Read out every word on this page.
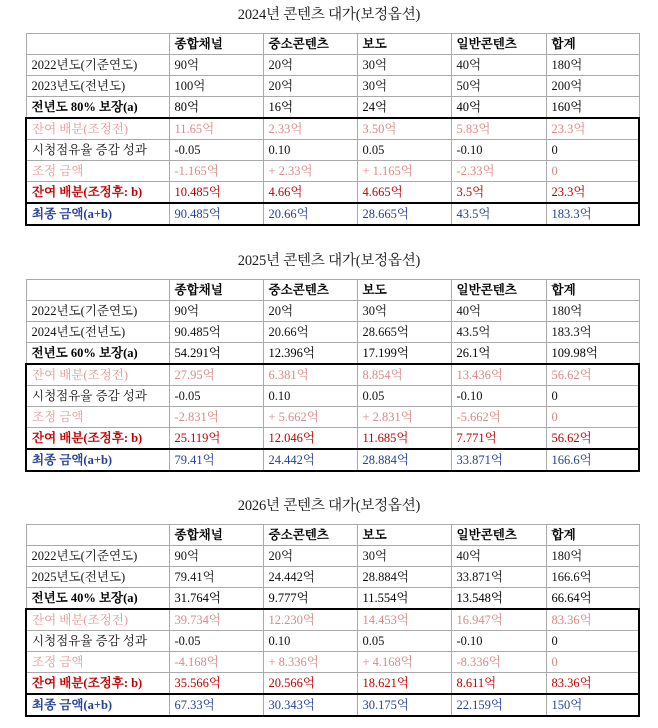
2024년 콘텐츠 대가(보정옵션)
	종합채널	중소콘텐츠	보도	일반콘텐츠	합계
2022년도(기준연도)	90억	20억	30억	40억	180억
2023년도(전년도)	100억	20억	30억	50억	200억
전년도 80% 보장(a)	80억	16억	24억	40억	160억
잔여 배분(조정전)	11.65억	2.33억	3.50억	5.83억	23.3억
시청점유율 증감 성과	-0.05	0.10	0.05	-0.10	0
조정 금액	-1.165억	+ 2.33억	+ 1.165억	-2.33억	0
잔여 배분(조정후: b)	10.485억	4.66억	4.665억	3.5억	23.3억
최종 금액(a+b)	90.485억	20.66억	28.665억	43.5억	183.3억
2025년 콘텐츠 대가(보정옵션)
	종합채널	중소콘텐츠	보도	일반콘텐츠	합계
2022년도(기준연도)	90억	20억	30억	40억	180억
2024년도(전년도)	90.485억	20.66억	28.665억	43.5억	183.3억
전년도 60% 보장(a)	54.291억	12.396억	17.199억	26.1억	109.98억
잔여 배분(조정전)	27.95억	6.381억	8.854억	13.436억	56.62억
시청점유율 증감 성과	-0.05	0.10	0.05	-0.10	0
조정 금액	-2.831억	+ 5.662억	+ 2.831억	-5.662억	0
잔여 배분(조정후: b)	25.119억	12.046억	11.685억	7.771억	56.62억
최종 금액(a+b)	79.41억	24.442억	28.884억	33.871억	166.6억
2026년 콘텐츠 대가(보정옵션)
	종합채널	중소콘텐츠	보도	일반콘텐츠	합계
2022년도(기준연도)	90억	20억	30억	40억	180억
2025년도(전년도)	79.41억	24.442억	28.884억	33.871억	166.6억
전년도 40% 보장(a)	31.764억	9.777억	11.554억	13.548억	66.64억
잔여 배분(조정전)	39.734억	12.230억	14.453억	16.947억	83.36억
시청점유율 증감 성과	-0.05	0.10	0.05	-0.10	0
조정 금액	-4.168억	+ 8.336억	+ 4.168억	-8.336억	0
잔여 배분(조정후: b)	35.566억	20.566억	18.621억	8.611억	83.36억
최종 금액(a+b)	67.33억	30.343억	30.175억	22.159억	150억
